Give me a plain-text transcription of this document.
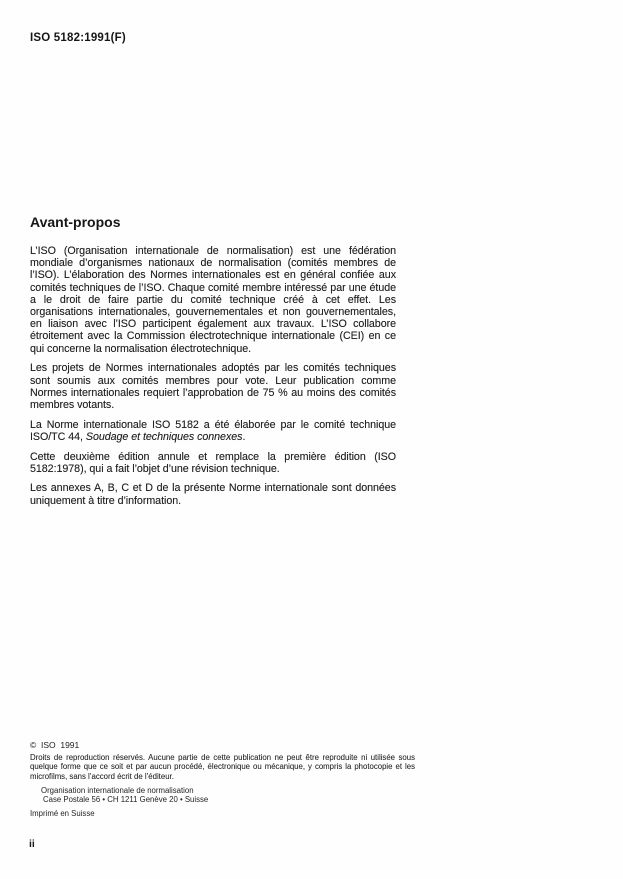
ISO 5182:1991(F)
Avant-propos

L’ISO (Organisation internationale de normalisation) est une fédération mondiale d’organismes nationaux de normalisation (comités membres de l’ISO). L’élaboration des Normes internationales est en général confiée aux comités techniques de l’ISO. Chaque comité membre intéressé par une étude a le droit de faire partie du comité technique créé à cet effet. Les organisations internationales, gouvernementales et non gouvernementales, en liaison avec l’ISO participent également aux travaux. L’ISO collabore étroitement avec la Commission électrotechnique internationale (CEI) en ce qui concerne la normalisation électrotechnique.

Les projets de Normes internationales adoptés par les comités techniques sont soumis aux comités membres pour vote. Leur publication comme Normes internationales requiert l’approbation de 75 % au moins des comités membres votants.

La Norme internationale ISO 5182 a été élaborée par le comité technique ISO/TC 44, Soudage et techniques connexes.

Cette deuxième édition annule et remplace la première édition (ISO 5182:1978), qui a fait l’objet d’une révision technique.

Les annexes A, B, C et D de la présente Norme internationale sont données uniquement à titre d’information.

©  ISO  1991
Droits de reproduction réservés. Aucune partie de cette publication ne peut être reproduite ni utilisée sous quelque forme que ce soit et par aucun procédé, électronique ou mécanique, y compris la photocopie et les microfilms, sans l’accord écrit de l’éditeur.
Organisation internationale de normalisation
Case Postale 56 • CH 1211 Genève 20 • Suisse
Imprimé en Suisse
ii
